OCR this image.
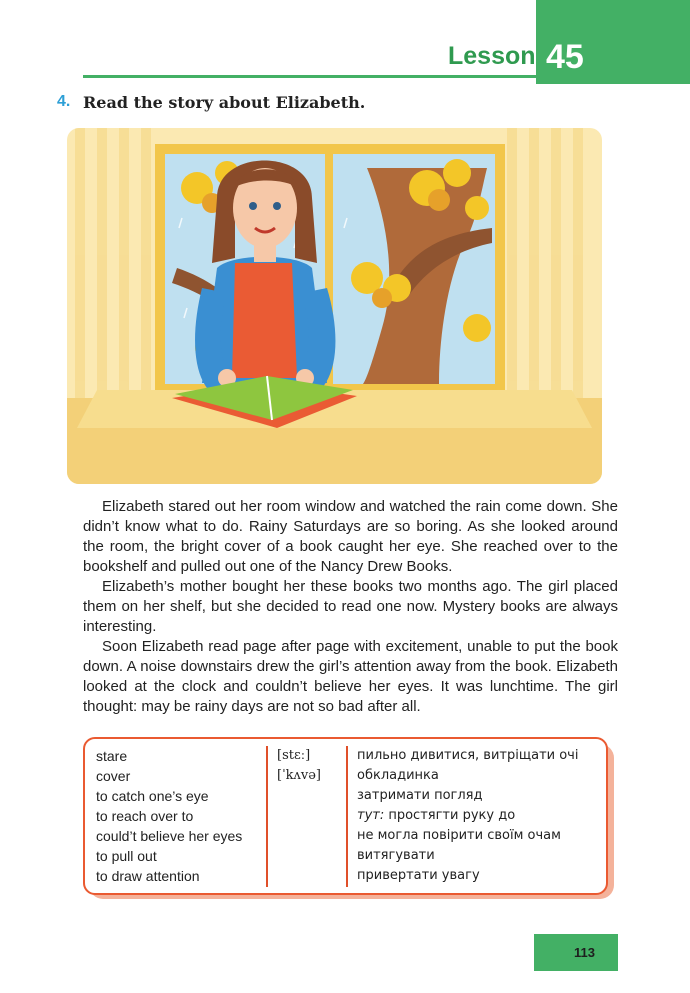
Lesson 45
4. Read the story about Elizabeth.

Elizabeth stared out her room window and watched the rain come down. She didn’t know what to do. Rainy Saturdays are so boring. As she looked around the room, the bright cover of a book caught her eye. She reached over to the bookshelf and pulled out one of the Nancy Drew Books.

Elizabeth’s mother bought her these books two months ago. The girl placed them on her shelf, but she decided to read one now. Mystery books are always interesting.

Soon Elizabeth read page after page with excitement, unable to put the book down. A noise downstairs drew the girl’s attention away from the book. Elizabeth looked at the clock and couldn’t believe her eyes. It was lunchtime. The girl thought: may be rainy days are not so bad after all.

stare
cover
to catch one’s eye
to reach over to
could’t believe her eyes
to pull out
to draw attention
[stɛː]
[ˈkʌvə]
пильно дивитися, витріщати очі
обкладинка
затримати погляд
тут: простягти руку до
не могла повірити своїм очам
витягувати
привертати увагу
113
